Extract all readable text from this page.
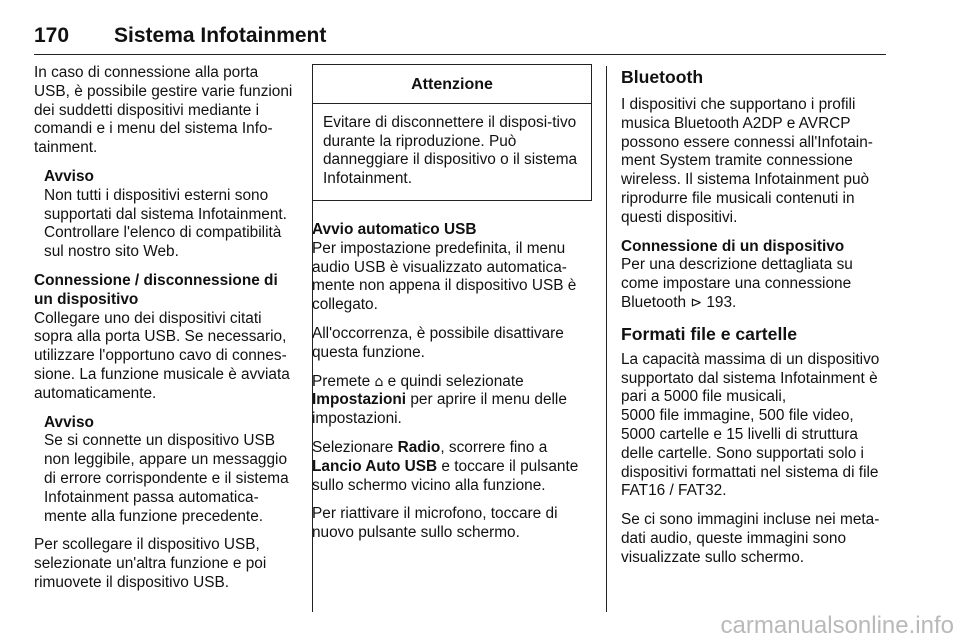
170 Sistema Infotainment

In caso di connessione alla porta USB, è possibile gestire varie funzioni dei suddetti dispositivi mediante i comandi e i menu del sistema Info-tainment.

Avviso
Non tutti i dispositivi esterni sono supportati dal sistema Infotainment. Controllare l'elenco di compatibilità sul nostro sito Web.
Connessione / disconnessione di un dispositivo

Collegare uno dei dispositivi citati sopra alla porta USB. Se necessario, utilizzare l'opportuno cavo di connes-sione. La funzione musicale è avviata automaticamente.

Avviso
Se si connette un dispositivo USB non leggibile, appare un messaggio di errore corrispondente e il sistema Infotainment passa automatica-mente alla funzione precedente.

Per scollegare il dispositivo USB, selezionate un'altra funzione e poi rimuovete il dispositivo USB.

Attenzione
Evitare di disconnettere il disposi-tivo durante la riproduzione. Può danneggiare il dispositivo o il sistema Infotainment.
Avvio automatico USB

Per impostazione predefinita, il menu audio USB è visualizzato automatica-mente non appena il dispositivo USB è collegato.

All'occorrenza, è possibile disattivare questa funzione.

Premete ⌂ e quindi selezionate Impostazioni per aprire il menu delle impostazioni.

Selezionare Radio, scorrere fino a Lancio Auto USB e toccare il pulsante sullo schermo vicino alla funzione.

Per riattivare il microfono, toccare di nuovo pulsante sullo schermo.

Bluetooth

I dispositivi che supportano i profili musica Bluetooth A2DP e AVRCP possono essere connessi all'Infotain-ment System tramite connessione wireless. Il sistema Infotainment può riprodurre file musicali contenuti in questi dispositivi.

Connessione di un dispositivo

Per una descrizione dettagliata su come impostare una connessione Bluetooth ⊳ 193.

Formati file e cartelle

La capacità massima di un dispositivo supportato dal sistema Infotainment è pari a 5000 file musicali,
5000 file immagine, 500 file video, 5000 cartelle e 15 livelli di struttura delle cartelle. Sono supportati solo i dispositivi formattati nel sistema di file FAT16 / FAT32.

Se ci sono immagini incluse nei meta-dati audio, queste immagini sono visualizzate sullo schermo.

carmanualsonline.info
